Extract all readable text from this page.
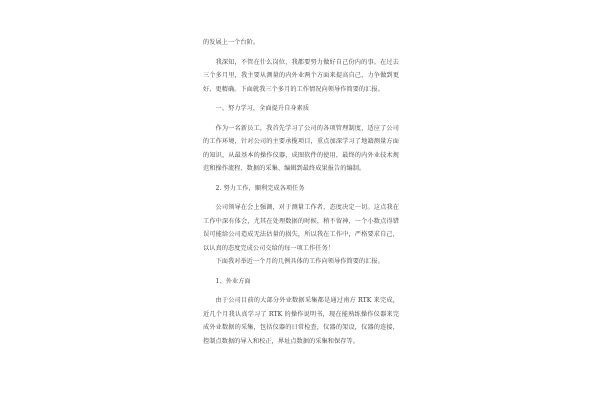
的发展上一个台阶。

我深知，不管在什么岗位，我都要努力做好自己份内的事。在过去三个多月里，我主要从测量的内外业两个方面来提高自己，力争做到更好、更精确。下面就我三个多月的工作情况向领导作简要的汇报。

一、努力学习，全面提升自身素质

作为一名新员工，我首先学习了公司的各项管理制度，适应了公司的工作环境，针对公司的主要承揽项目，重点加深学习了地籍测量方面的知识，从最基本的操作仪器，成图软件的使用，最终的内外业技术规范和操作流程、数据的采集、编辑到最终成果报告的编制。

2. 努力工作，顺利完成各项任务

公司领导在会上强调，对于测量工作者，态度决定一切。这点我在工作中深有体会，尤其在处理数据的时候，稍不留神，一个小数点得错误可能给公司造成无法估量的损失，所以我在工作中，严格要求自己，以认真的态度完成公司交给的每一项工作任务！

下面我对举近一个月的几例具体的工作向领导作简要的汇报。

1、外业方面

由于公司目前的大部分外业数据采集都是通过南方 RTK 来完成，近几个月我认真学习了 RTK 的操作说明书，现在能熟练操作仪器来完成外业数据的采集，包括仪器的日常检查，仪器的架设，仪器的连接，控制点数据的导入和校正，界址点数据的采集和保存等。
